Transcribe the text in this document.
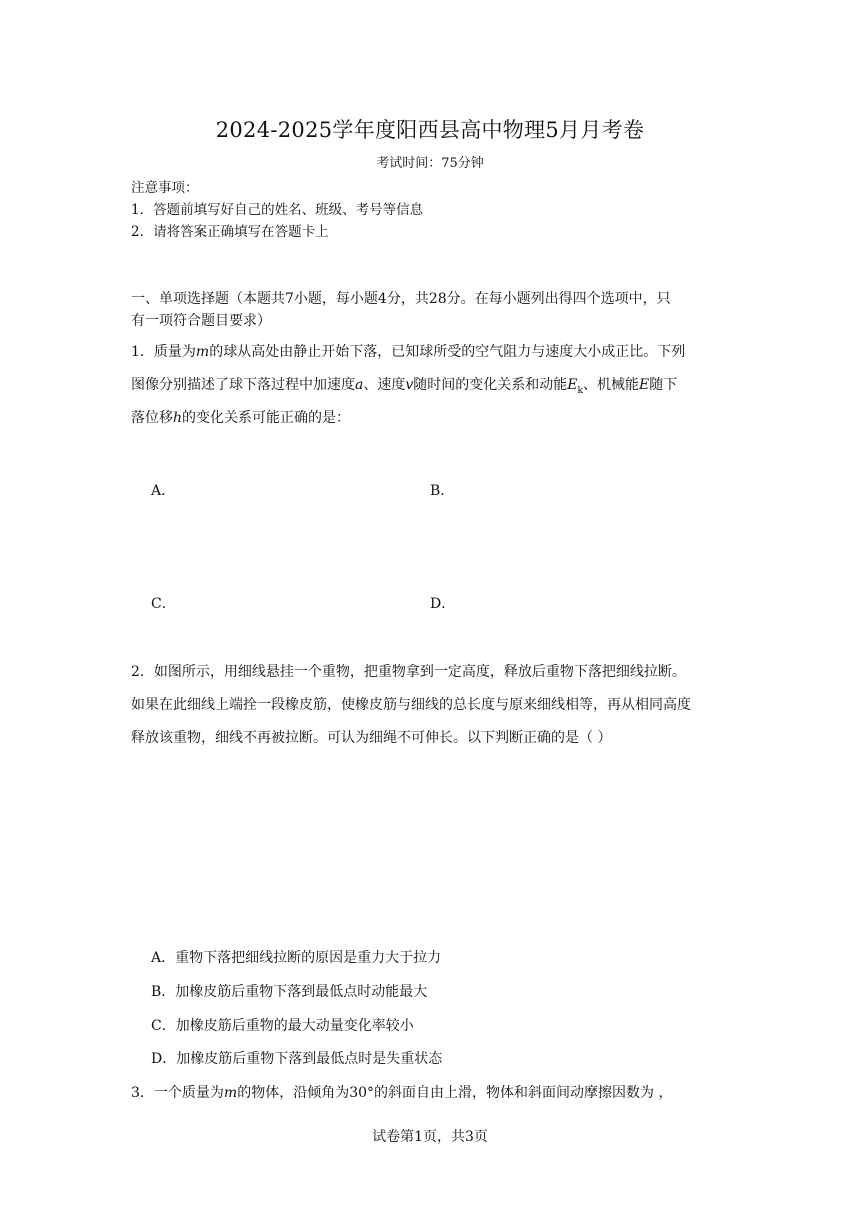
2024-2025学年度阳西县高中物理5月月考卷
考试时间：75分钟
注意事项：
1．答题前填写好自己的姓名、班级、考号等信息
2．请将答案正确填写在答题卡上
一、单项选择题（本题共7小题，每小题4分，共28分。在每小题列出得四个选项中，只
有一项符合题目要求）
1．质量为m的球从高处由静止开始下落，已知球所受的空气阻力与速度大小成正比。下列
图像分别描述了球下落过程中加速度a、速度v随时间的变化关系和动能$E_k$、机械能E随下
落位移h的变化关系可能正确的是：
A．	B．
C．	D．
2．如图所示，用细线悬挂一个重物，把重物拿到一定高度，释放后重物下落把细线拉断。
如果在此细线上端拴一段橡皮筋，使橡皮筋与细线的总长度与原来细线相等，再从相同高度
释放该重物，细线不再被拉断。可认为细绳不可伸长。以下判断正确的是（ ）
A．重物下落把细线拉断的原因是重力大于拉力
B．加橡皮筋后重物下落到最低点时动能最大
C．加橡皮筋后重物的最大动量变化率较小
D．加橡皮筋后重物下落到最低点时是失重状态
3．一个质量为m的物体，沿倾角为30°的斜面自由上滑，物体和斜面间动摩擦因数为 ，
试卷第1页，共3页
